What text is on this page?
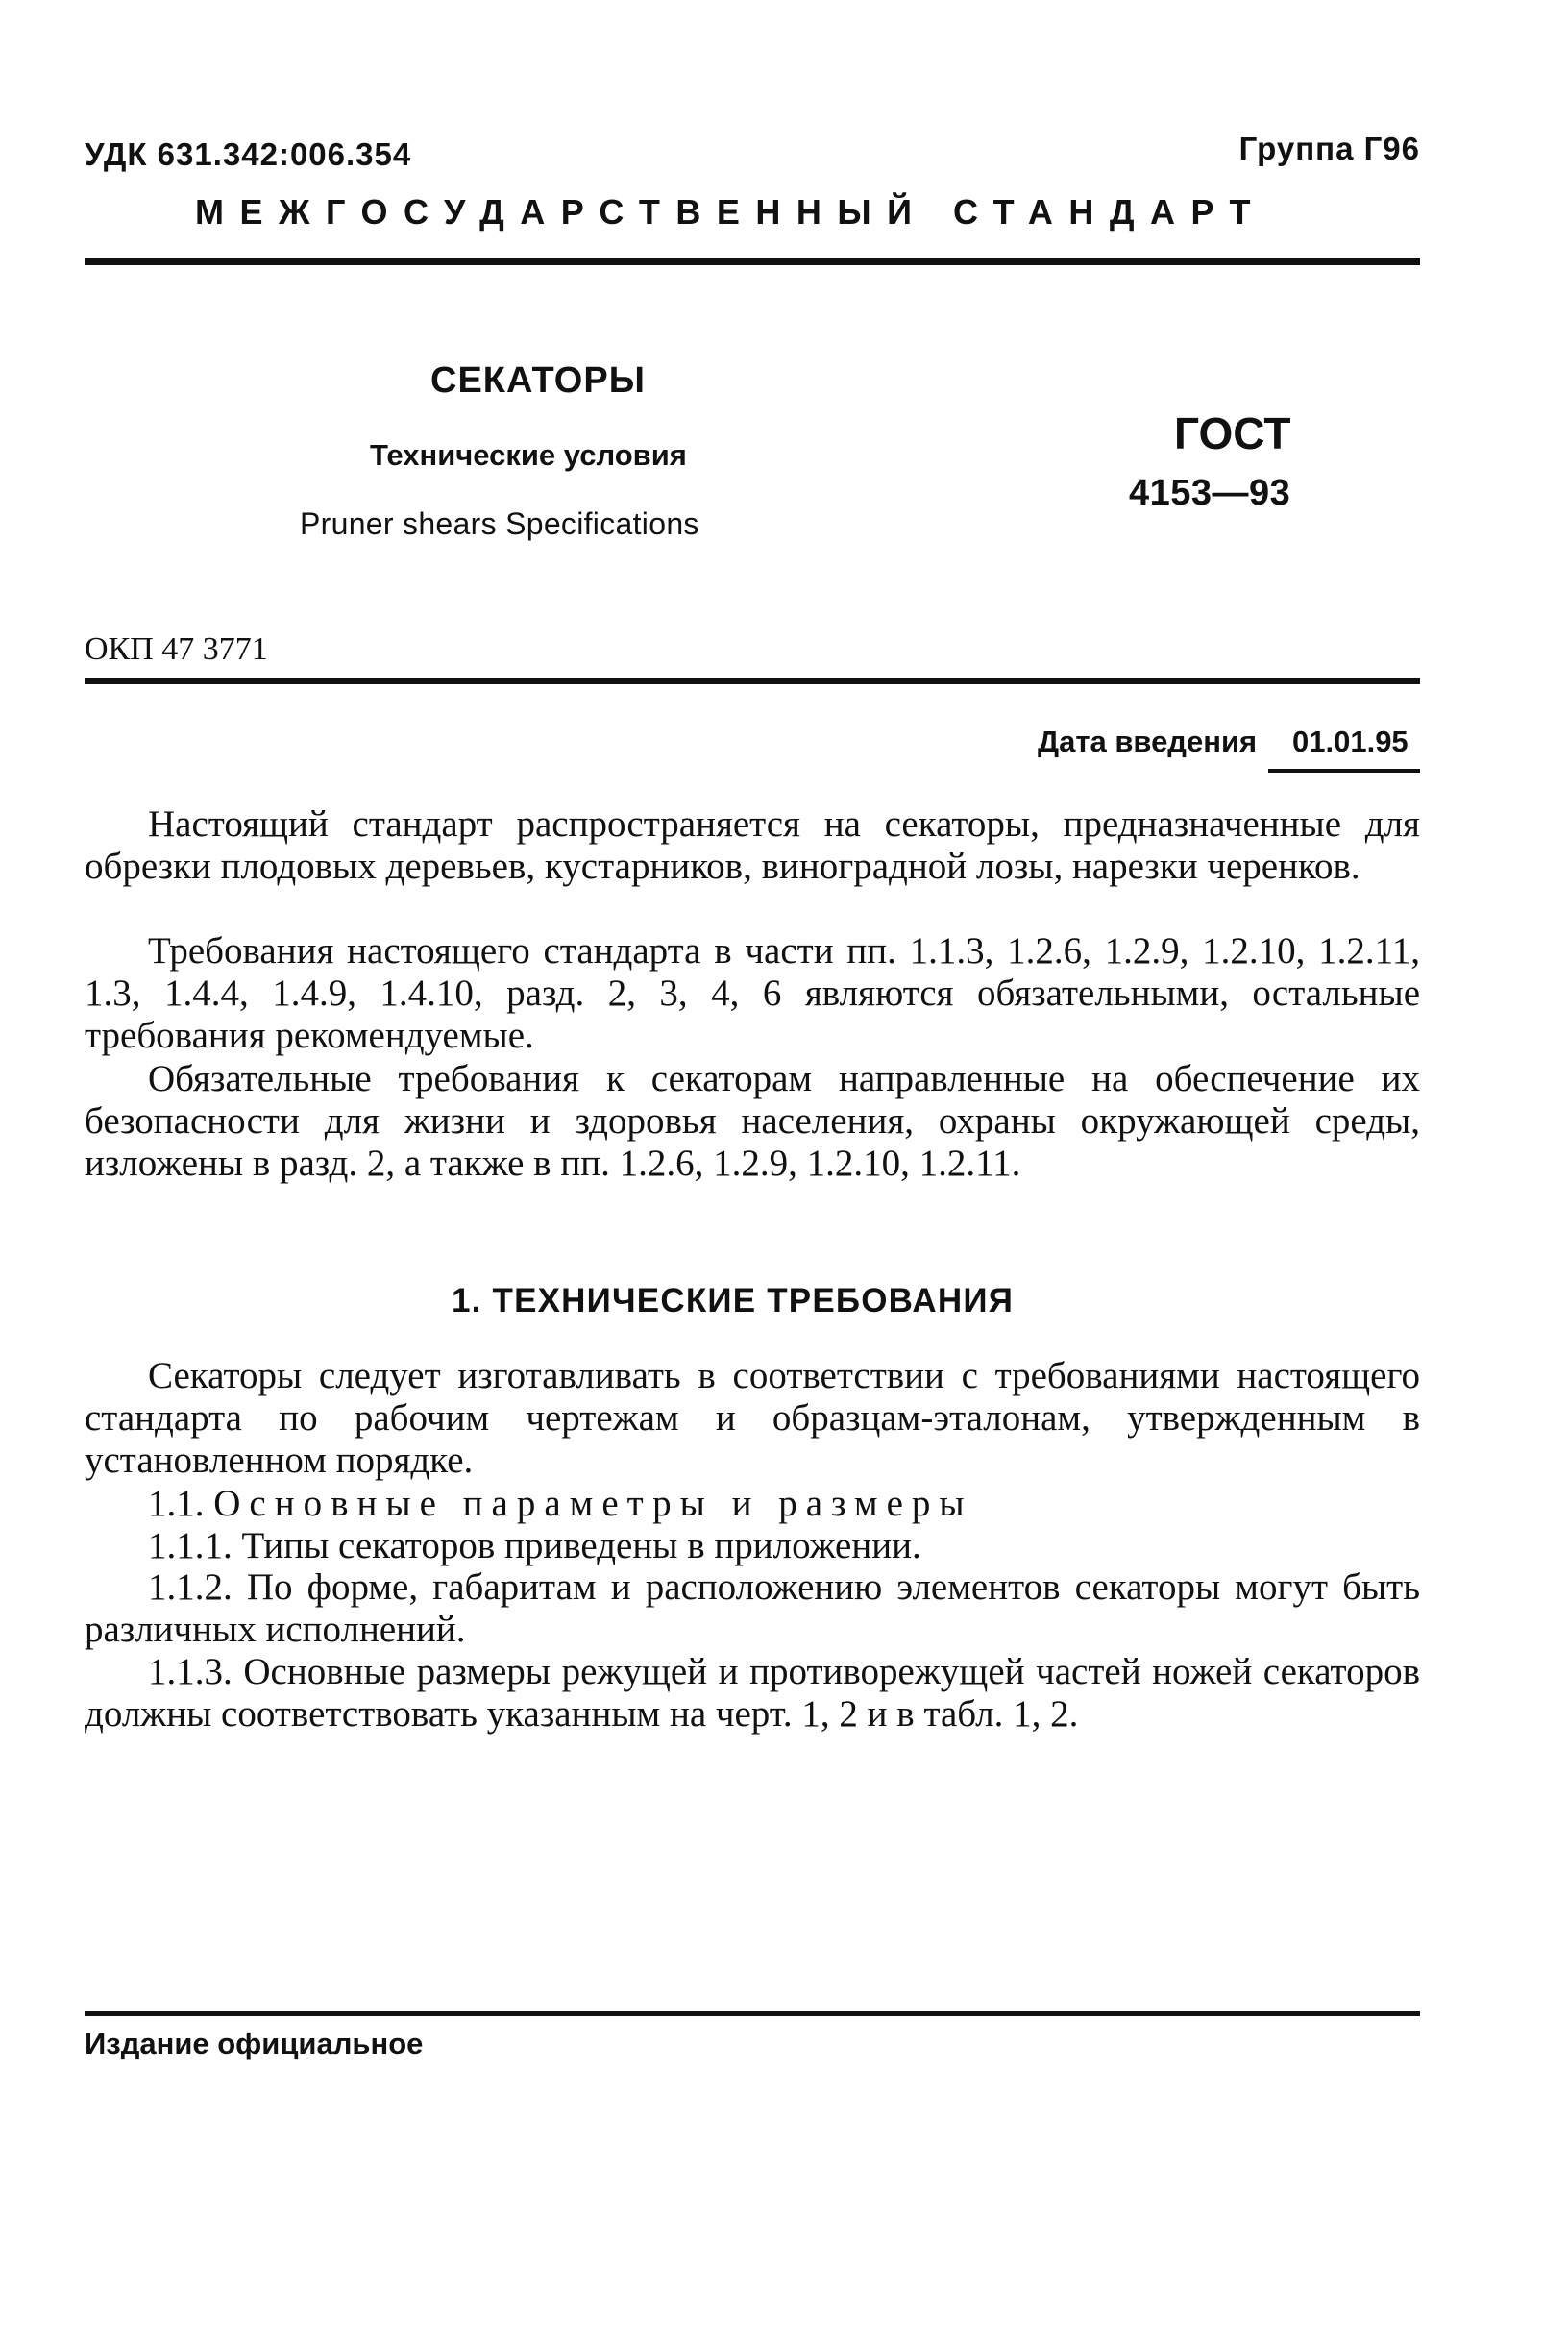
УДК 631.342:006.354	Группа Г96
МЕЖГОСУДАРСТВЕННЫЙ СТАНДАРТ
СЕКАТОРЫ
Технические условия
Pruner shears Specifications
ГОСТ
4153—93
ОКП 47 3771
Дата введения 01.01.95
Настоящий стандарт распространяется на секаторы, предназначенные для обрезки плодовых деревьев, кустарников, виноградной лозы, нарезки черенков.
Требования настоящего стандарта в части пп. 1.1.3, 1.2.6, 1.2.9, 1.2.10, 1.2.11, 1.3, 1.4.4, 1.4.9, 1.4.10, разд. 2, 3, 4, 6 являются обязательными, остальные требования рекомендуемые.
Обязательные требования к секаторам направленные на обеспечение их безопасности для жизни и здоровья населения, охраны окружающей среды, изложены в разд. 2, а также в пп. 1.2.6, 1.2.9, 1.2.10, 1.2.11.
1. ТЕХНИЧЕСКИЕ ТРЕБОВАНИЯ
Секаторы следует изготавливать в соответствии с требованиями настоящего стандарта по рабочим чертежам и образцам-эталонам, утвержденным в установленном порядке.
1.1. Основные параметры и размеры
1.1.1. Типы секаторов приведены в приложении.
1.1.2. По форме, габаритам и расположению элементов секаторы могут быть различных исполнений.
1.1.3. Основные размеры режущей и противорежущей частей ножей секаторов должны соответствовать указанным на черт. 1, 2 и в табл. 1, 2.
Издание официальное
